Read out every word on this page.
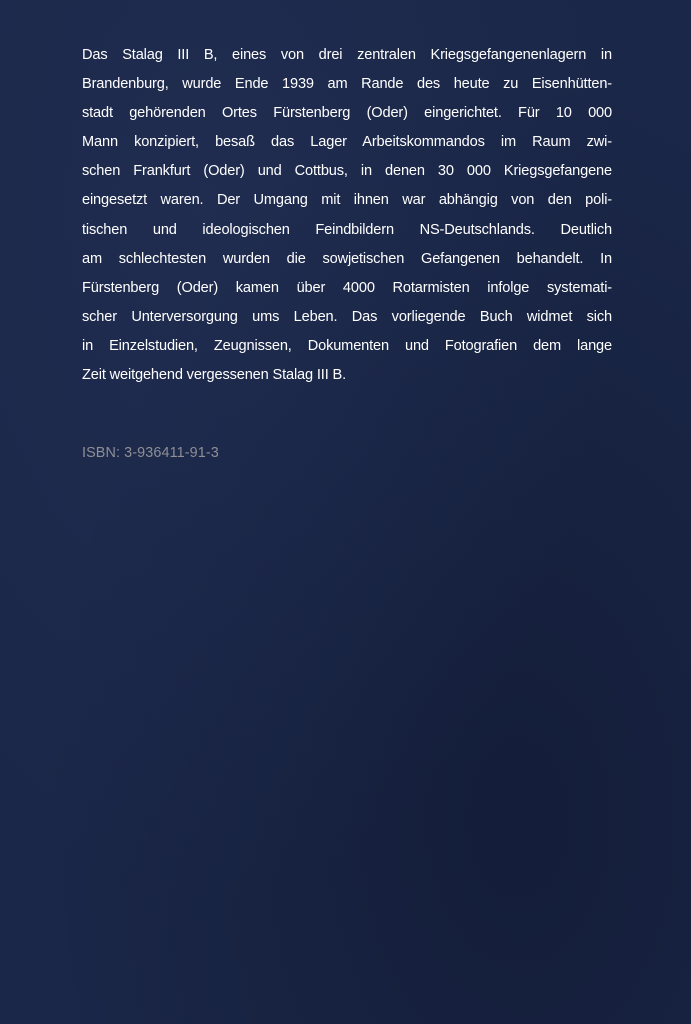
Das Stalag III B, eines von drei zentralen Kriegsgefangenenlagern in
Brandenburg, wurde Ende 1939 am Rande des heute zu Eisenhütten-
stadt gehörenden Ortes Fürstenberg (Oder) eingerichtet. Für 10 000
Mann konzipiert, besaß das Lager Arbeitskommandos im Raum zwi-
schen Frankfurt (Oder) und Cottbus, in denen 30 000 Kriegsgefangene
eingesetzt waren. Der Umgang mit ihnen war abhängig von den poli-
tischen und ideologischen Feindbildern NS-Deutschlands. Deutlich
am schlechtesten wurden die sowjetischen Gefangenen behandelt. In
Fürstenberg (Oder) kamen über 4000 Rotarmisten infolge systemati-
scher Unterversorgung ums Leben. Das vorliegende Buch widmet sich
in Einzelstudien, Zeugnissen, Dokumenten und Fotografien dem lange
Zeit weitgehend vergessenen Stalag III B.
ISBN: 3-936411-91-3
